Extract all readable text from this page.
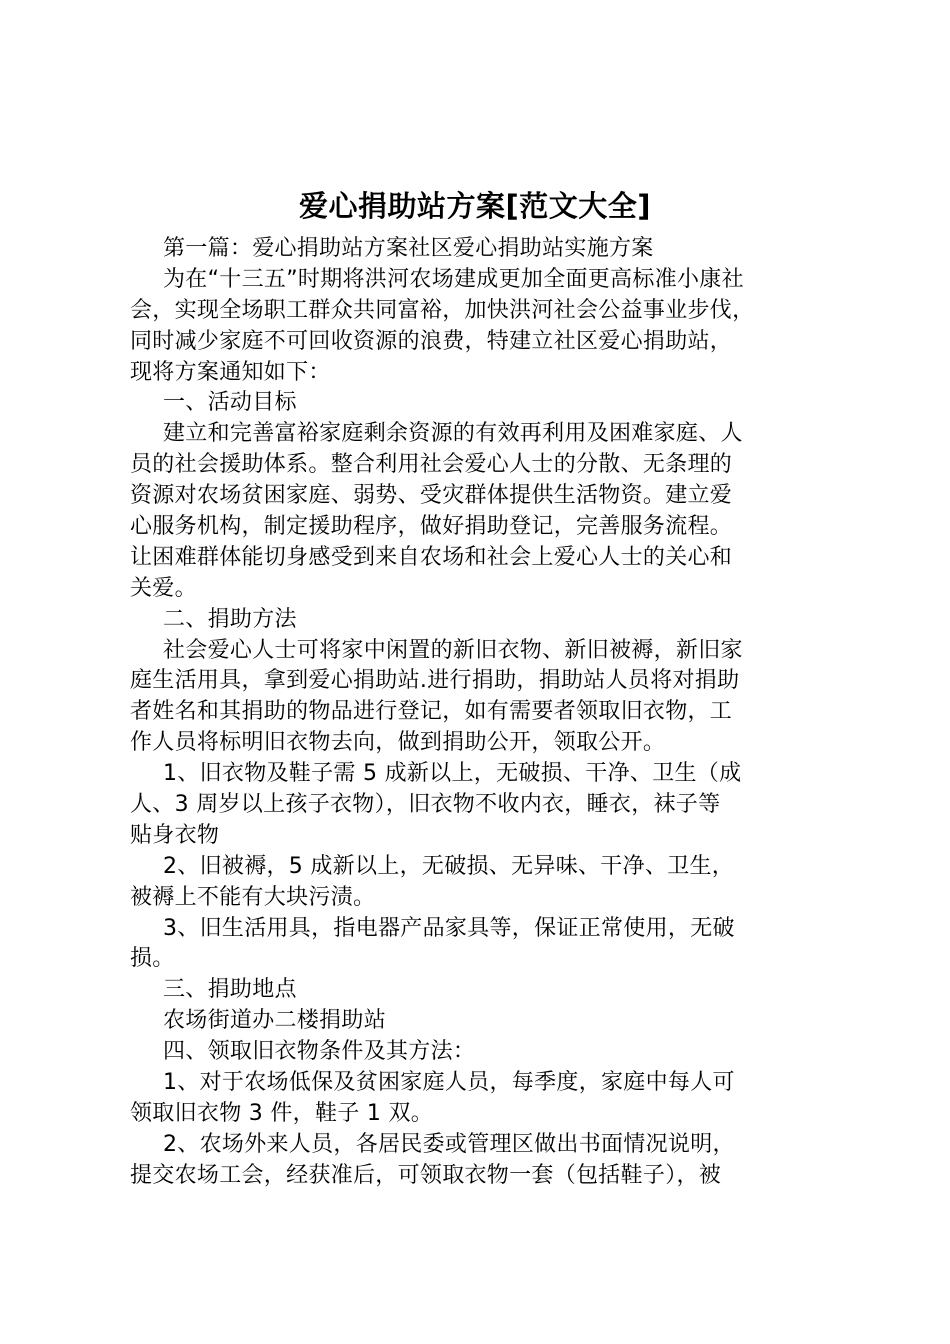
爱心捐助站方案[范文大全]
第一篇：爱心捐助站方案社区爱心捐助站实施方案
为在“十三五”时期将洪河农场建成更加全面更高标准小康社
会，实现全场职工群众共同富裕，加快洪河社会公益事业步伐，
同时减少家庭不可回收资源的浪费，特建立社区爱心捐助站，
现将方案通知如下：
一、活动目标
建立和完善富裕家庭剩余资源的有效再利用及困难家庭、人
员的社会援助体系。整合利用社会爱心人士的分散、无条理的
资源对农场贫困家庭、弱势、受灾群体提供生活物资。建立爱
心服务机构，制定援助程序，做好捐助登记，完善服务流程。
让困难群体能切身感受到来自农场和社会上爱心人士的关心和
关爱。
二、捐助方法
社会爱心人士可将家中闲置的新旧衣物、新旧被褥，新旧家
庭生活用具，拿到爱心捐助站.进行捐助，捐助站人员将对捐助
者姓名和其捐助的物品进行登记，如有需要者领取旧衣物，工
作人员将标明旧衣物去向，做到捐助公开，领取公开。
1、旧衣物及鞋子需 5 成新以上，无破损、干净、卫生（成
人、3 周岁以上孩子衣物），旧衣物不收内衣，睡衣，袜子等
贴身衣物
2、旧被褥，5 成新以上，无破损、无异味、干净、卫生，
被褥上不能有大块污渍。
3、旧生活用具，指电器产品家具等，保证正常使用，无破
损。
三、捐助地点
农场街道办二楼捐助站
四、领取旧衣物条件及其方法：
1、对于农场低保及贫困家庭人员，每季度，家庭中每人可
领取旧衣物 3 件，鞋子 1 双。
2、农场外来人员，各居民委或管理区做出书面情况说明，
提交农场工会，经获准后，可领取衣物一套（包括鞋子），被
